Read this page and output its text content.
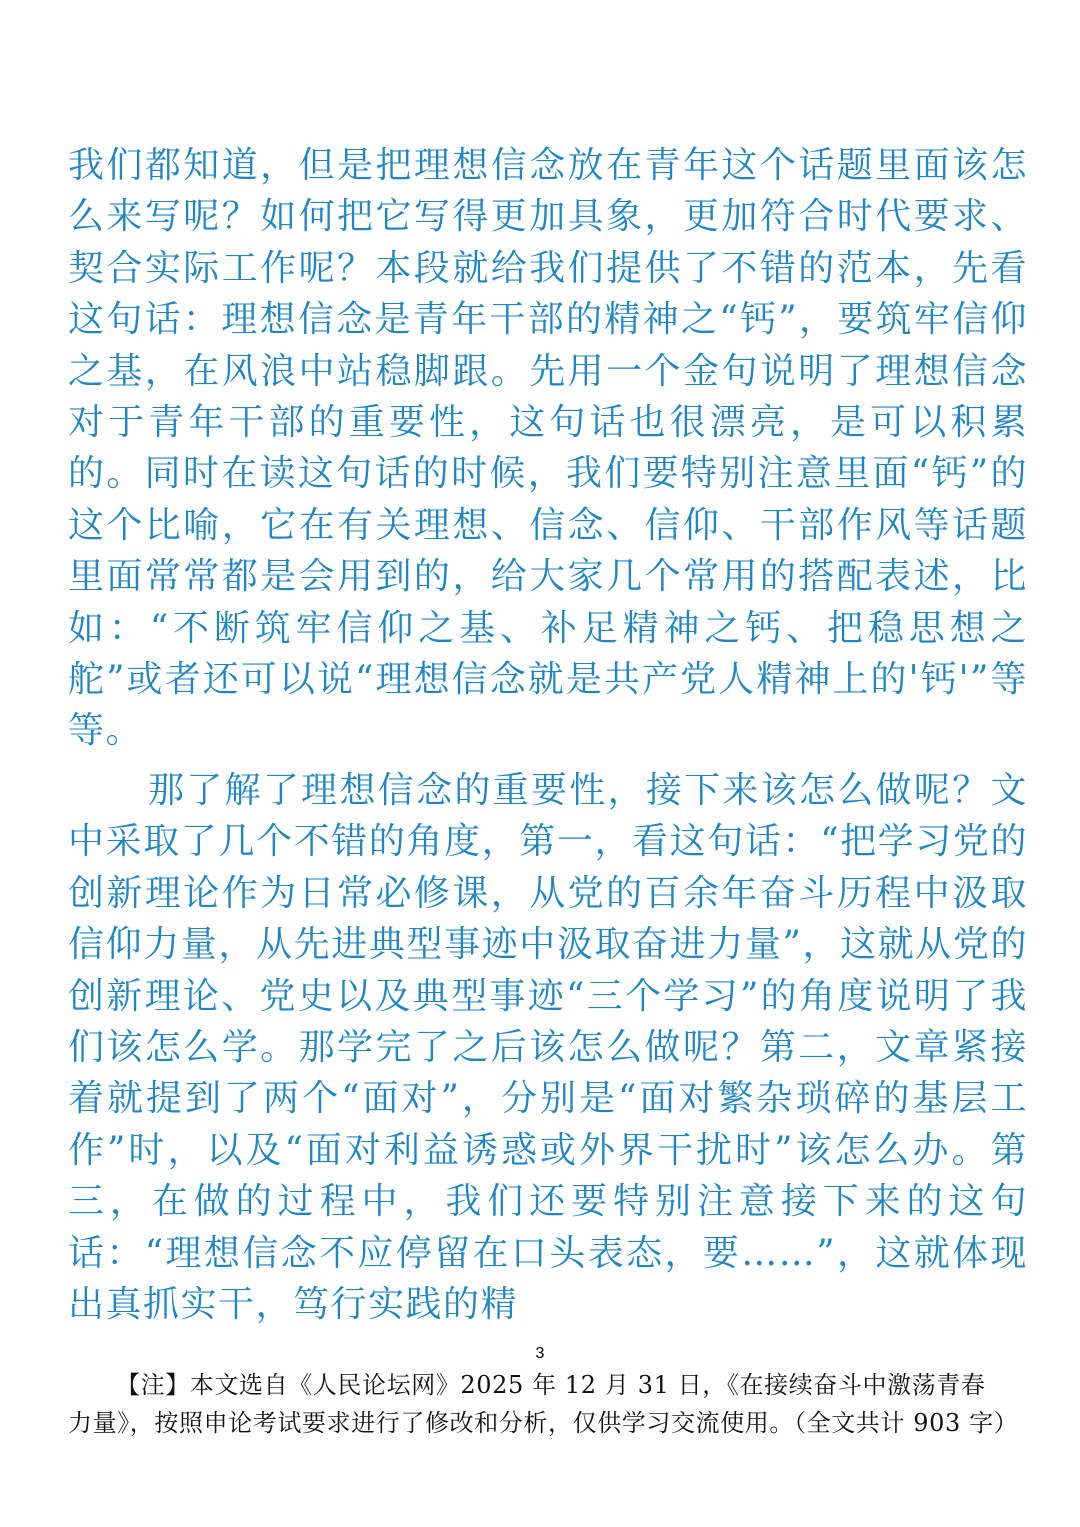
我们都知道，但是把理想信念放在青年这个话题里面该怎么来写呢？如何把它写得更加具象，更加符合时代要求、契合实际工作呢？本段就给我们提供了不错的范本，先看这句话：理想信念是青年干部的精神之“钙”，要筑牢信仰之基，在风浪中站稳脚跟。先用一个金句说明了理想信念对于青年干部的重要性，这句话也很漂亮，是可以积累的。同时在读这句话的时候，我们要特别注意里面“钙”的这个比喻，它在有关理想、信念、信仰、干部作风等话题里面常常都是会用到的，给大家几个常用的搭配表述，比如：“不断筑牢信仰之基、补足精神之钙、把稳思想之舵”或者还可以说“理想信念就是共产党人精神上的'钙'”等等。

那了解了理想信念的重要性，接下来该怎么做呢？文中采取了几个不错的角度，第一，看这句话：“把学习党的创新理论作为日常必修课，从党的百余年奋斗历程中汲取信仰力量，从先进典型事迹中汲取奋进力量”，这就从党的创新理论、党史以及典型事迹“三个学习”的角度说明了我们该怎么学。那学完了之后该怎么做呢？第二，文章紧接着就提到了两个“面对”，分别是“面对繁杂琐碎的基层工作”时，以及“面对利益诱惑或外界干扰时”该怎么办。第三，在做的过程中，我们还要特别注意接下来的这句话：“理想信念不应停留在口头表态，要……”，这就体现出真抓实干，笃行实践的精

3
【注】本文选自《人民论坛网》2025 年 12 月 31 日，《在接续奋斗中激荡青春力量》，按照申论考试要求进行了修改和分析，仅供学习交流使用。（全文共计 903 字）
